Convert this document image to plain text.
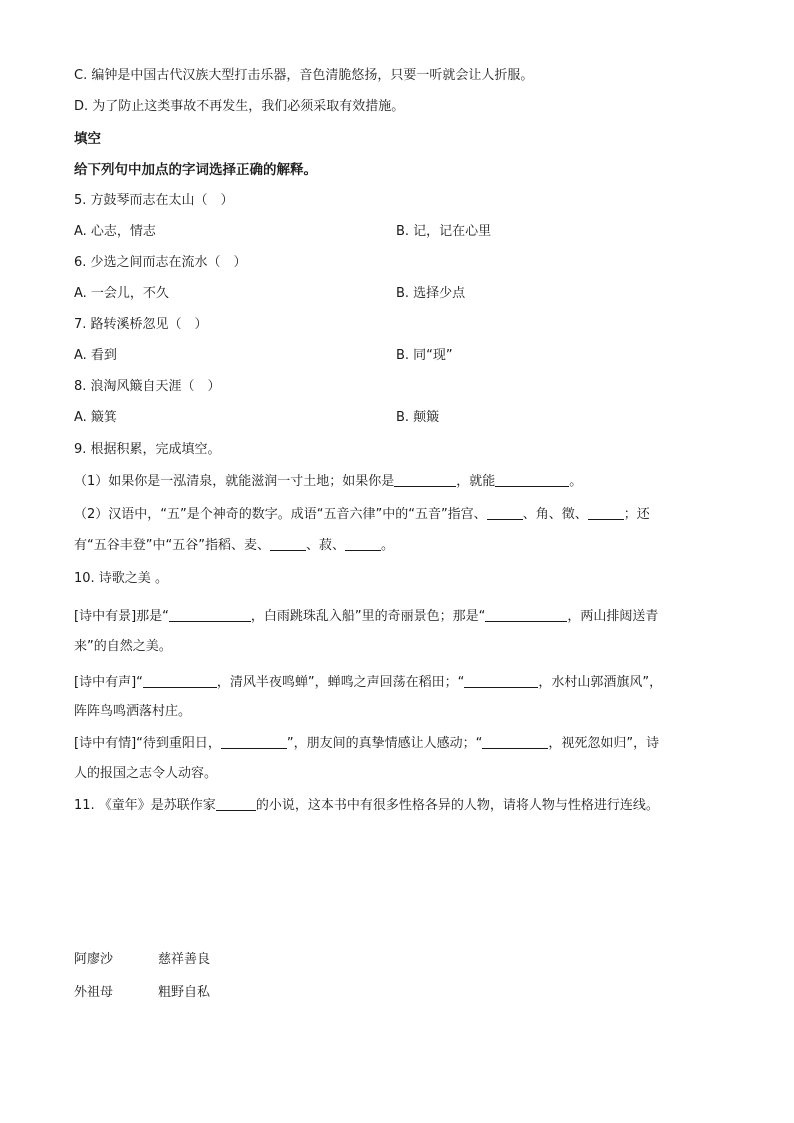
C. 编钟是中国古代汉族大型打击乐器，音色清脆悠扬，只要一听就会让人折服。
D. 为了防止这类事故不再发生，我们必须采取有效措施。
填空
给下列句中加点的字词选择正确的解释。
5. 方鼓琴而志在太山（　）
A. 心志，情志	B. 记，记在心里
6. 少选之间而志在流水（　）
A. 一会儿，不久	B. 选择少点
7. 路转溪桥忽见（　）
A. 看到	B. 同“现”
8. 浪淘风簸自天涯（　）
A. 簸箕	B. 颠簸
9. 根据积累，完成填空。
（1）如果你是一泓清泉，就能滋润一寸土地；如果你是	，就能	。
（2）汉语中，“五”是个神奇的数字。成语“五音六律”中的“五音”指宫、	、角、徵、	；还
有“五谷丰登”中“五谷”指稻、麦、	、菽、	。
10. 诗歌之美 。
[诗中有景]那是“	，白雨跳珠乱入船”里的奇丽景色；那是“	，两山排闼送青
来”的自然之美。
[诗中有声]“	，清风半夜鸣蝉”，蝉鸣之声回荡在稻田；“	，水村山郭酒旗风”，
阵阵鸟鸣洒落村庄。
[诗中有情]“待到重阳日，	”，朋友间的真挚情感让人感动；“	，视死忽如归”，诗
人的报国之志令人动容。
11. 《童年》是苏联作家	的小说，这本书中有很多性格各异的人物，请将人物与性格进行连线。
阿廖沙	慈祥善良
外祖母	粗野自私
